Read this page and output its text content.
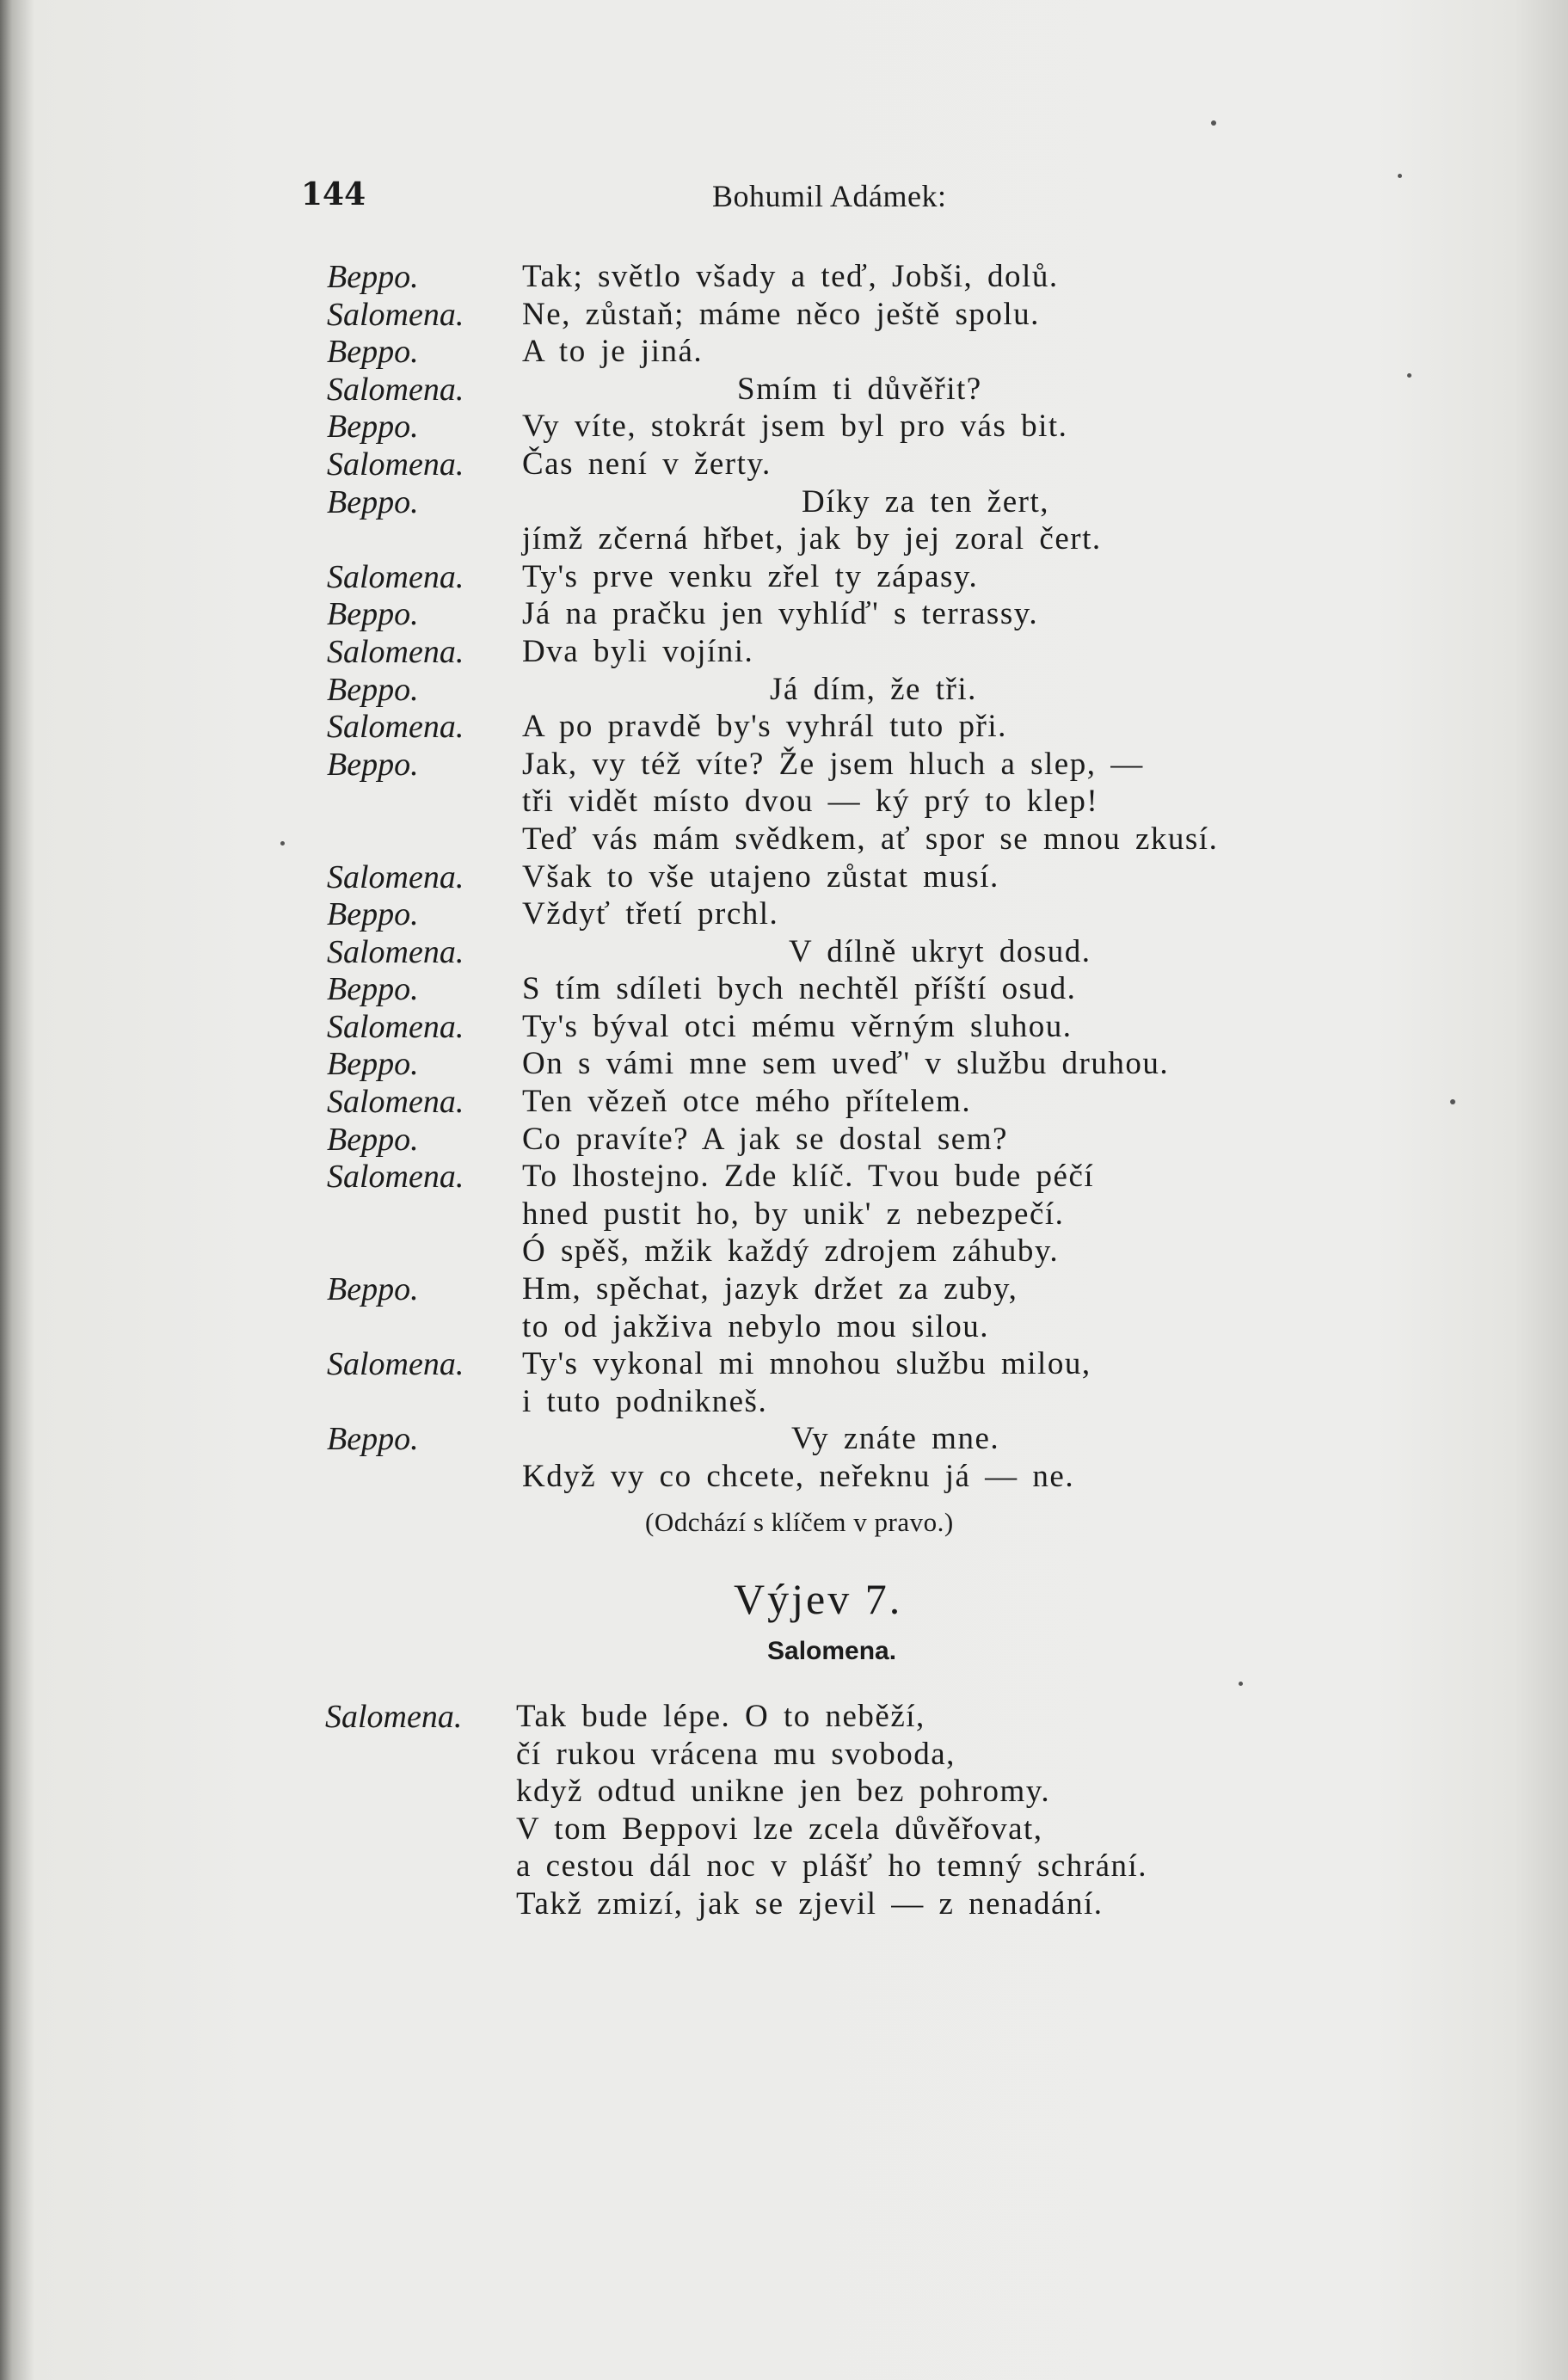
144	Bohumil Adámek:
Beppo.	Tak; světlo všady a teď, Jobši, dolů.
Salomena. Ne, zůstaň; máme něco ještě spolu.
Beppo.	A to je jiná.
Salomena.	Smím ti důvěřit?
Beppo.	Vy víte, stokrát jsem byl pro vás bit.
Salomena. Čas není v žerty.
Beppo.	Díky za ten žert,
jímž zčerná hřbet, jak by jej zoral čert.
Salomena. Ty's prve venku zřel ty zápasy.
Beppo.	Já na pračku jen vyhlíď' s terrassy.
Salomena. Dva byli vojíni.
Beppo.	Já dím, že tři.
Salomena. A po pravdě by's vyhrál tuto při.
Beppo.	Jak, vy též víte? Že jsem hluch a slep, —
tři vidět místo dvou — ký prý to klep!
Teď vás mám svědkem, ať spor se mnou zkusí.
Salomena. Však to vše utajeno zůstat musí.
Beppo.	Vždyť třetí prchl.
Salomena.	V dílně ukryt dosud.
Beppo.	S tím sdíleti bych nechtěl příští osud.
Salomena. Ty's býval otci mému věrným sluhou.
Beppo.	On s vámi mne sem uveď' v službu druhou.
Salomena. Ten vězeň otce mého přítelem.
Beppo.	Co pravíte? A jak se dostal sem?
Salomena. To lhostejno. Zde klíč. Tvou bude péčí
hned pustit ho, by unik' z nebezpečí.
Ó spěš, mžik každý zdrojem záhuby.
Beppo.	Hm, spěchat, jazyk držet za zuby,
to od jakživa nebylo mou silou.
Salomena. Ty's vykonal mi mnohou službu milou,
i tuto podnikneš.
Beppo.	Vy znáte mne.
Když vy co chcete, neřeknu já — ne.
(Odchází s klíčem v pravo.)
Výjev 7.
Salomena.
Salomena. Tak bude lépe. O to neběží,
čí rukou vrácena mu svoboda,
když odtud unikne jen bez pohromy.
V tom Beppovi lze zcela důvěřovat,
a cestou dál noc v plášť ho temný schrání.
Takž zmizí, jak se zjevil — z nenadání.
